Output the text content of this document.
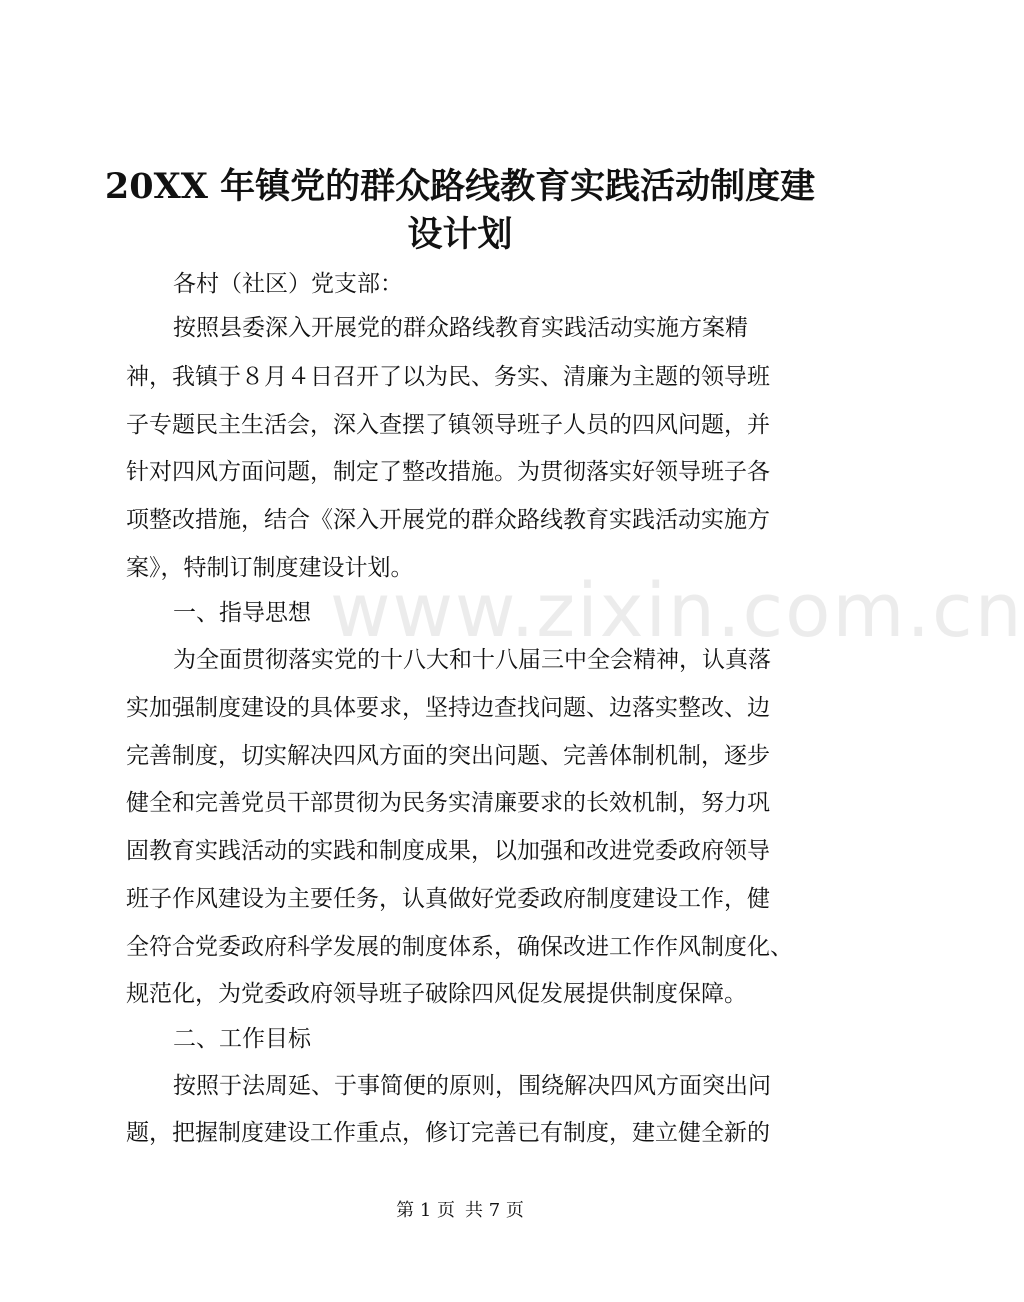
www.zixin.com.cn
20XX 年镇党的群众路线教育实践活动制度建
设计划

各村（社区）党支部：

按照县委深入开展党的群众路线教育实践活动实施方案精

神，我镇于８月４日召开了以为民、务实、清廉为主题的领导班

子专题民主生活会，深入查摆了镇领导班子人员的四风问题，并

针对四风方面问题，制定了整改措施。为贯彻落实好领导班子各

项整改措施，结合《深入开展党的群众路线教育实践活动实施方

案》，特制订制度建设计划。

一、指导思想

为全面贯彻落实党的十八大和十八届三中全会精神，认真落

实加强制度建设的具体要求，坚持边查找问题、边落实整改、边

完善制度，切实解决四风方面的突出问题、完善体制机制，逐步

健全和完善党员干部贯彻为民务实清廉要求的长效机制，努力巩

固教育实践活动的实践和制度成果，以加强和改进党委政府领导

班子作风建设为主要任务，认真做好党委政府制度建设工作，健

全符合党委政府科学发展的制度体系，确保改进工作作风制度化、

规范化，为党委政府领导班子破除四风促发展提供制度保障。

二、工作目标

按照于法周延、于事简便的原则，围绕解决四风方面突出问

题，把握制度建设工作重点，修订完善已有制度，建立健全新的

第 1 页 共 7 页
